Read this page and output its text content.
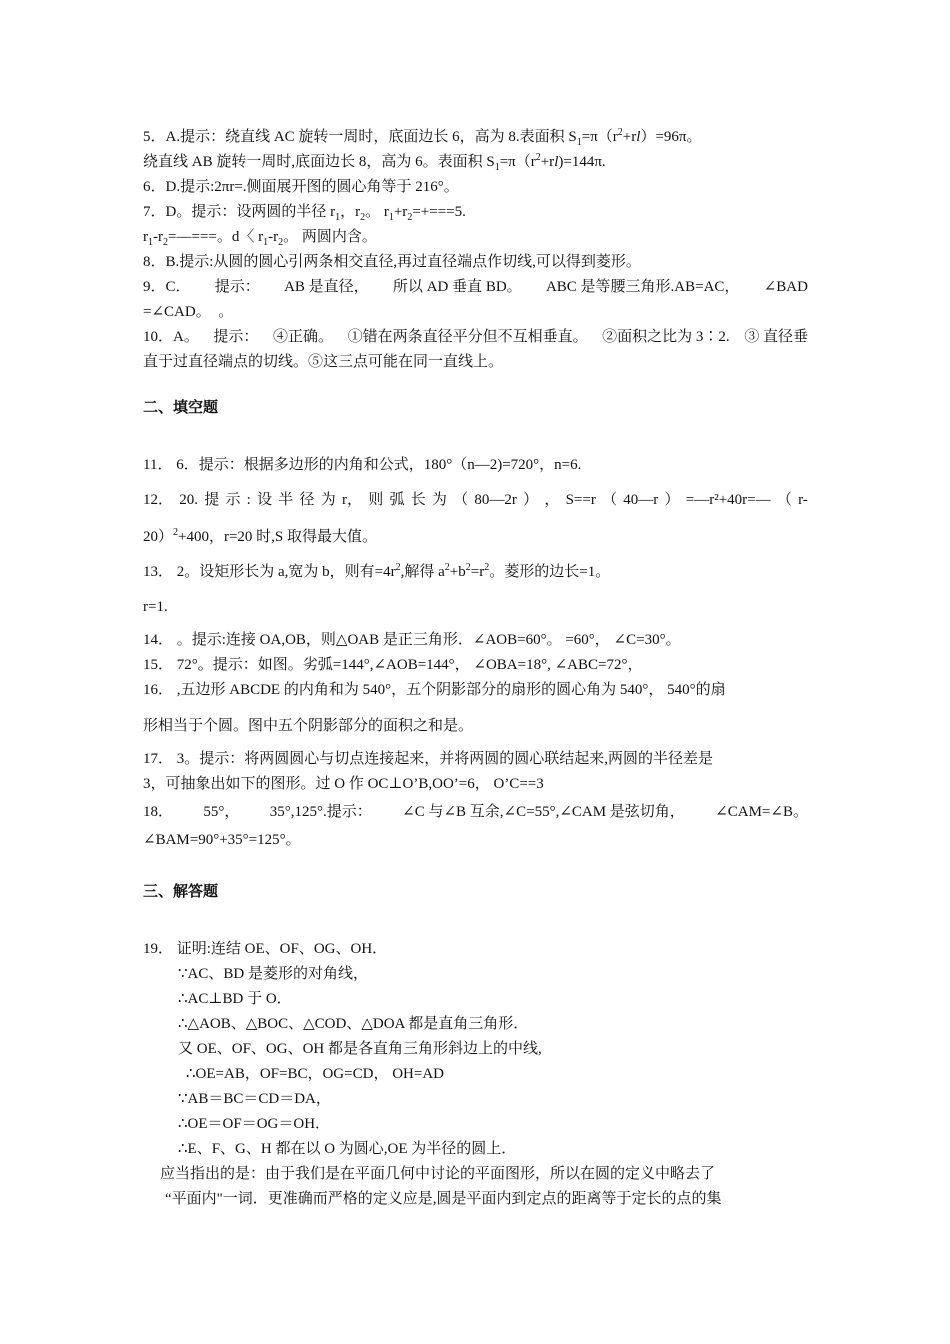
5．A.提示：绕直线 AC 旋转一周时，底面边长 6，高为 8.表面积 $S_1=\pi(r^2+rl)=96\pi$。
绕直线 AB 旋转一周时,底面边长 8，高为 6。表面积 $S_1=\pi(r^2+rl)=144\pi$.
6．D.提示:2πr=.侧面展开图的圆心角等于 216°。
7．D。提示：设两圆的半径 $r_1$，$r_2$。 $r_1+r_2=+===5$.
$r_1-r_2=—===$。d〈 $r_1-r_2$。 两圆内含。
8．B.提示:从圆的圆心引两条相交直径,再过直径端点作切线,可以得到菱形。
9．C． 提示： AB 是直径， 所以 AD 垂直 BD。 ABC 是等腰三角形.AB=AC， ∠BAD
=∠CAD。　。
10．A。 提示： ④正确。 ①错在两条直径平分但不互相垂直。 ②面积之比为 3∶2. ③ 直径垂
直于过直径端点的切线。⑤这三点可能在同一直线上。
二、填空题
11． 6．提示：根据多边形的内角和公式，180°（n—2)=720°，n=6.
12． 20. 提 示 : 设 半 径 为 r， 则 弧 长 为 （ 80—2r ） ， S==r （ 40—r ） =—r²+40r=— （ r-
20）$^2$+400，r=20 时,S 取得最大值。
13． 2。设矩形长为 a,宽为 b，则有$=4r^2$,解得 $a^2+b^2=r^2$。菱形的边长=1。
r=1.
14． 。提示:连接 OA,OB，则△OAB 是正三角形．∠AOB=60°。 =60°， ∠C=30°。
15． 72°。提示：如图。劣弧=144°,∠AOB=144°， ∠OBA=18°, ∠ABC=72°，
16． ,五边形 ABCDE 的内角和为 540°，五个阴影部分的扇形的圆心角为 540°， 540°的扇
形相当于个圆。图中五个阴影部分的面积之和是。
17． 3。提示：将两圆圆心与切点连接起来，并将两圆的圆心联结起来,两圆的半径差是
3，可抽象出如下的图形。过 O 作 OC⊥O’B,OO’=6， O’C==3
18． 55°， 35°,125°.提示： ∠C 与∠B 互余,∠C=55°,∠CAM 是弦切角， ∠CAM=∠B。
∠BAM=90°+35°=125°。
三、解答题
19． 证明:连结 OE、OF、OG、OH．
∵AC、BD 是菱形的对角线，
∴AC⊥BD 于 O．
∴△AOB、△BOC、△COD、△DOA 都是直角三角形．
又 OE、OF、OG、OH 都是各直角三角形斜边上的中线,
∴OE=AB，OF=BC，OG=CD， OH=AD
∵AB＝BC＝CD＝DA，
∴OE＝OF＝OG＝OH．
∴E、F、G、H 都在以 O 为圆心,OE 为半径的圆上．
应当指出的是：由于我们是在平面几何中讨论的平面图形，所以在圆的定义中略去了
“平面内"一词．更准确而严格的定义应是,圆是平面内到定点的距离等于定长的点的集
